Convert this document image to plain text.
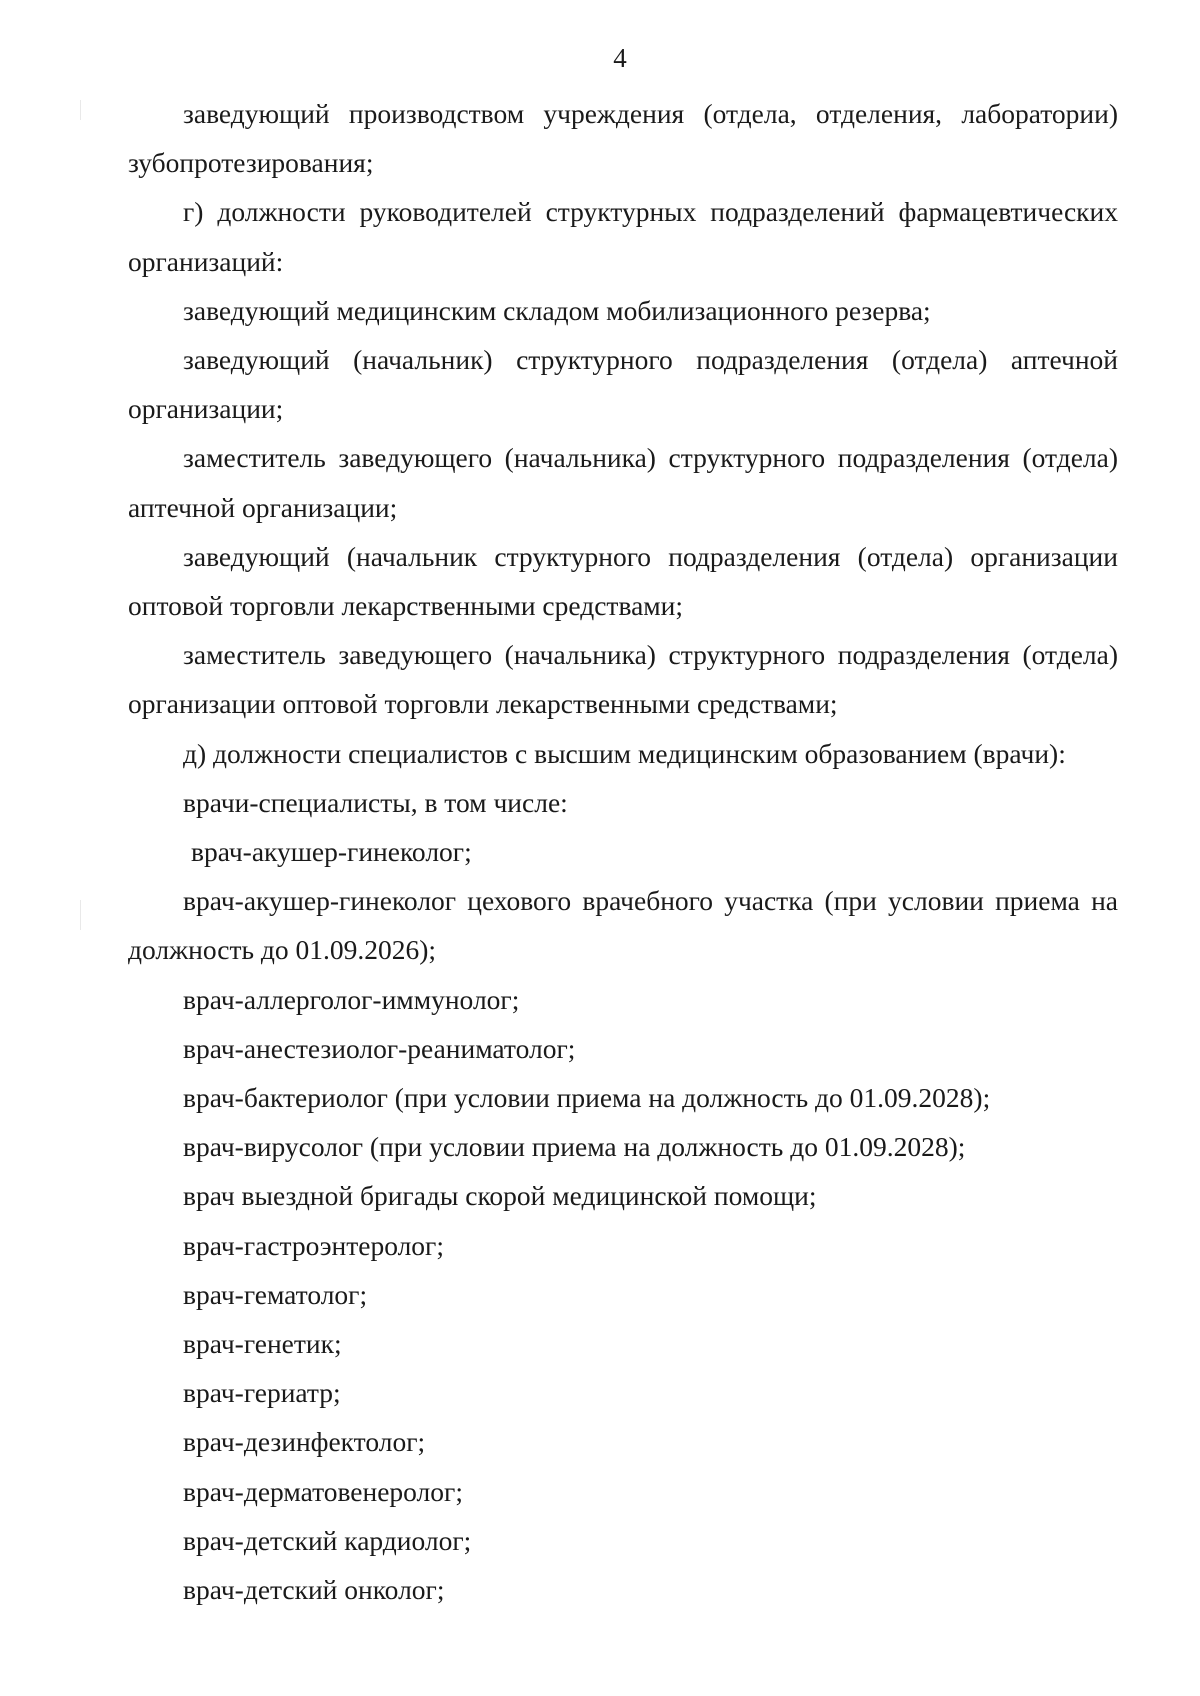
4

заведующий производством учреждения (отдела, отделения, лаборатории) зубопротезирования;

г) должности руководителей структурных подразделений фармацевтических организаций:

заведующий медицинским складом мобилизационного резерва;

заведующий (начальник) структурного подразделения (отдела) аптечной организации;

заместитель заведующего (начальника) структурного подразделения (отдела) аптечной организации;

заведующий (начальник структурного подразделения (отдела) организации оптовой торговли лекарственными средствами;

заместитель заведующего (начальника) структурного подразделения (отдела) организации оптовой торговли лекарственными средствами;

д) должности специалистов с высшим медицинским образованием (врачи):

врачи-специалисты, в том числе:

врач-акушер-гинеколог;

врач-акушер-гинеколог цехового врачебного участка (при условии приема на должность до 01.09.2026);

врач-аллерголог-иммунолог;

врач-анестезиолог-реаниматолог;

врач-бактериолог (при условии приема на должность до 01.09.2028);

врач-вирусолог (при условии приема на должность до 01.09.2028);

врач выездной бригады скорой медицинской помощи;

врач-гастроэнтеролог;

врач-гематолог;

врач-генетик;

врач-гериатр;

врач-дезинфектолог;

врач-дерматовенеролог;

врач-детский кардиолог;

врач-детский онколог;
